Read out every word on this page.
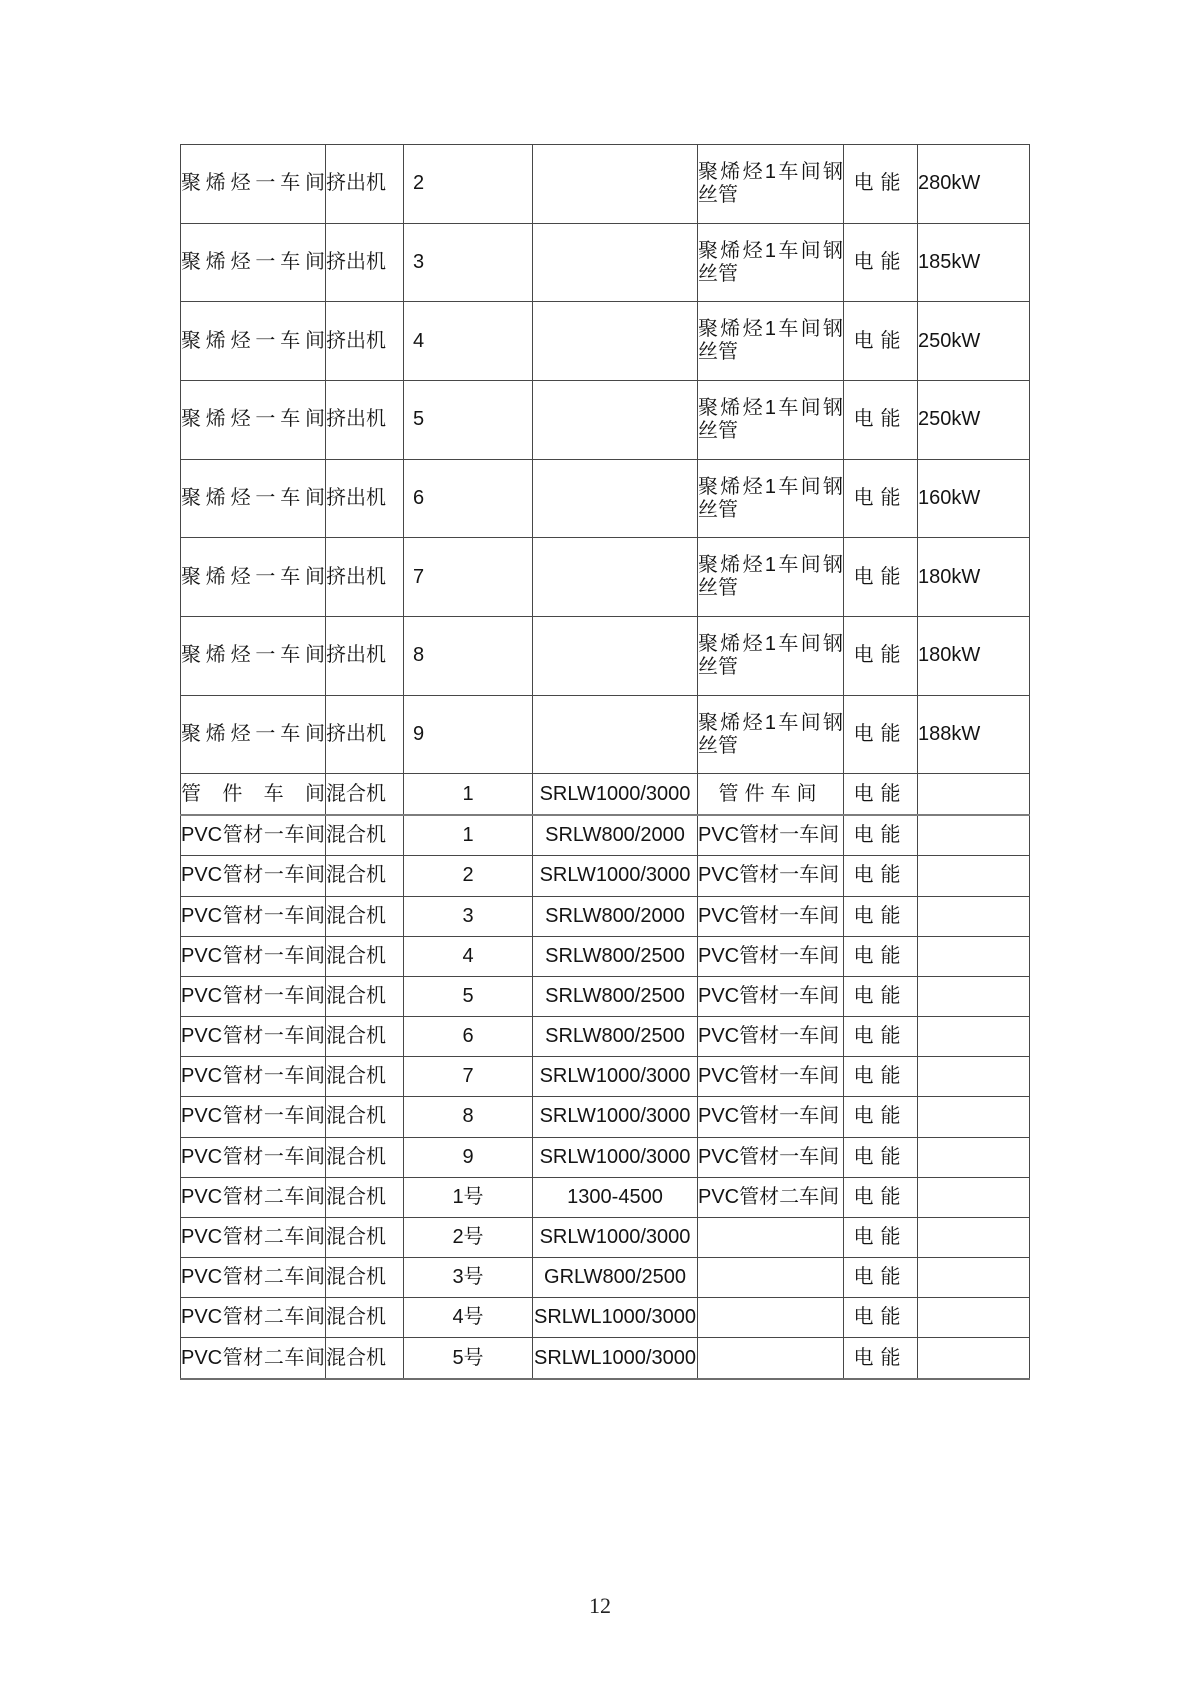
聚烯烃一车间	挤出机	2		聚烯烃1车间钢丝管	电能	280kW
聚烯烃一车间	挤出机	3		聚烯烃1车间钢丝管	电能	185kW
聚烯烃一车间	挤出机	4		聚烯烃1车间钢丝管	电能	250kW
聚烯烃一车间	挤出机	5		聚烯烃1车间钢丝管	电能	250kW
聚烯烃一车间	挤出机	6		聚烯烃1车间钢丝管	电能	160kW
聚烯烃一车间	挤出机	7		聚烯烃1车间钢丝管	电能	180kW
聚烯烃一车间	挤出机	8		聚烯烃1车间钢丝管	电能	180kW
聚烯烃一车间	挤出机	9		聚烯烃1车间钢丝管	电能	188kW
管件车间	混合机	1	SRLW1000/3000	管件车间	电能	
PVC管材一车间	混合机	1	SRLW800/2000	PVC管材一车间	电能	
PVC管材一车间	混合机	2	SRLW1000/3000	PVC管材一车间	电能	
PVC管材一车间	混合机	3	SRLW800/2000	PVC管材一车间	电能	
PVC管材一车间	混合机	4	SRLW800/2500	PVC管材一车间	电能	
PVC管材一车间	混合机	5	SRLW800/2500	PVC管材一车间	电能	
PVC管材一车间	混合机	6	SRLW800/2500	PVC管材一车间	电能	
PVC管材一车间	混合机	7	SRLW1000/3000	PVC管材一车间	电能	
PVC管材一车间	混合机	8	SRLW1000/3000	PVC管材一车间	电能	
PVC管材一车间	混合机	9	SRLW1000/3000	PVC管材一车间	电能	
PVC管材二车间	混合机	1号	1300-4500	PVC管材二车间	电能	
PVC管材二车间	混合机	2号	SRLW1000/3000		电能	
PVC管材二车间	混合机	3号	GRLW800/2500		电能	
PVC管材二车间	混合机	4号	SRLWL1000/3000		电能	
PVC管材二车间	混合机	5号	SRLWL1000/3000		电能	
12
